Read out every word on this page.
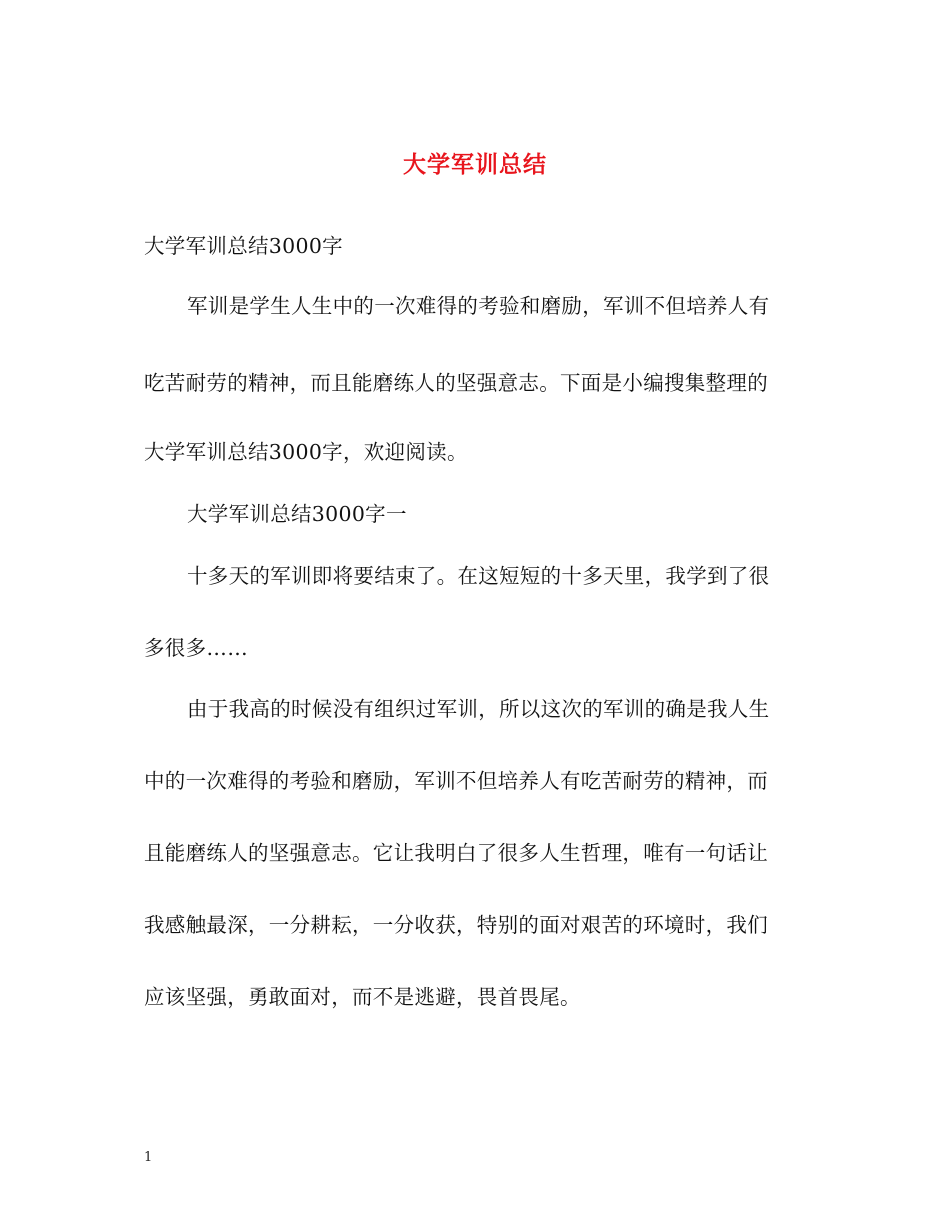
大学军训总结
大学军训总结3000字
军训是学生人生中的一次难得的考验和磨励，军训不但培养人有
吃苦耐劳的精神，而且能磨练人的坚强意志。下面是小编搜集整理的
大学军训总结3000字，欢迎阅读。
大学军训总结3000字一
十多天的军训即将要结束了。在这短短的十多天里，我学到了很
多很多……
由于我高的时候没有组织过军训，所以这次的军训的确是我人生
中的一次难得的考验和磨励，军训不但培养人有吃苦耐劳的精神，而
且能磨练人的坚强意志。它让我明白了很多人生哲理，唯有一句话让
我感触最深，一分耕耘，一分收获，特别的面对艰苦的环境时，我们
应该坚强，勇敢面对，而不是逃避，畏首畏尾。
1
